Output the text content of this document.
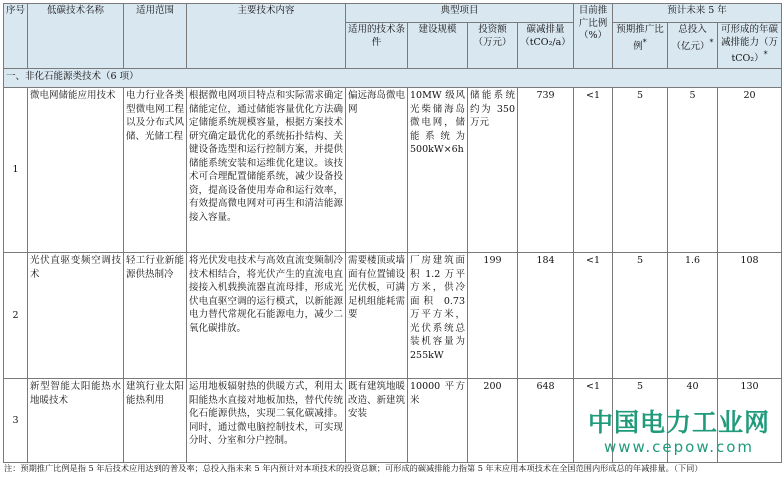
序号	低碳技术名称	适用范围	主要技术内容	典型项目				目前推广比例（%）	预计未来 5 年		
				适用的技术条件	建设规模	投资额（万元）	碳减排量（tCO₂/a）		预期推广比例*	总投入（亿元）*	可形成的年碳减排能力（万 tCO₂）*
一、非化石能源类技术（6 项）											
1	微电网储能应用技术	电力行业各类型微电网工程以及分布式风储、光储工程	根据微电网项目特点和实际需求确定储能定位，通过储能容量优化方法确定储能系统规模容量，根据方案技术研究确定最优化的系统拓扑结构、关键设备选型和运行控制方案，并提供储能系统安装和运维优化建议。该技术可合理配置储能系统，减少设备投资，提高设备使用寿命和运行效率，有效提高微电网对可再生和清洁能源接入容量。	偏远海岛微电网	10MW 级风光柴储海岛微电网，储能系统为 500kW×6h	储能系统约为 350 万元	739	<1	5	5	20
2	光伏直驱变频空调技术	轻工行业新能源供热制冷	将光伏发电技术与高效直流变频制冷技术相结合，将光伏产生的直流电直接接入机载换流器直流母排，形成光伏电直驱空调的运行模式，以新能源电力替代常规化石能源电力，减少二氧化碳排放。	需要楼顶或墙面有位置铺设光伏板，可满足机组能耗需要	厂房建筑面积 1.2 万平方米，供冷面积 0.73 万平方米，光伏系统总装机容量为 255kW	199	184	<1	5	1.6	108
3	新型智能太阳能热水地暖技术	建筑行业太阳能热利用	运用地板辐射热的供暖方式，利用太阳能热水直接对地板加热，替代传统化石能源供热，实现二氧化碳减排。同时，通过微电脑控制技术，可实现分时、分室和分户控制。	既有建筑地暖改造、新建筑安装	10000 平方米	200	648	<1	5	40	130
注：预期推广比例是指 5 年后技术应用达到的普及率；总投入指未来 5 年内预计对本项技术的投资总额；可形成的碳减排能力指第 5 年末应用本项技术在全国范围内形成总的年减排量。（下同）
中国电力工业网
www.cepow.com
